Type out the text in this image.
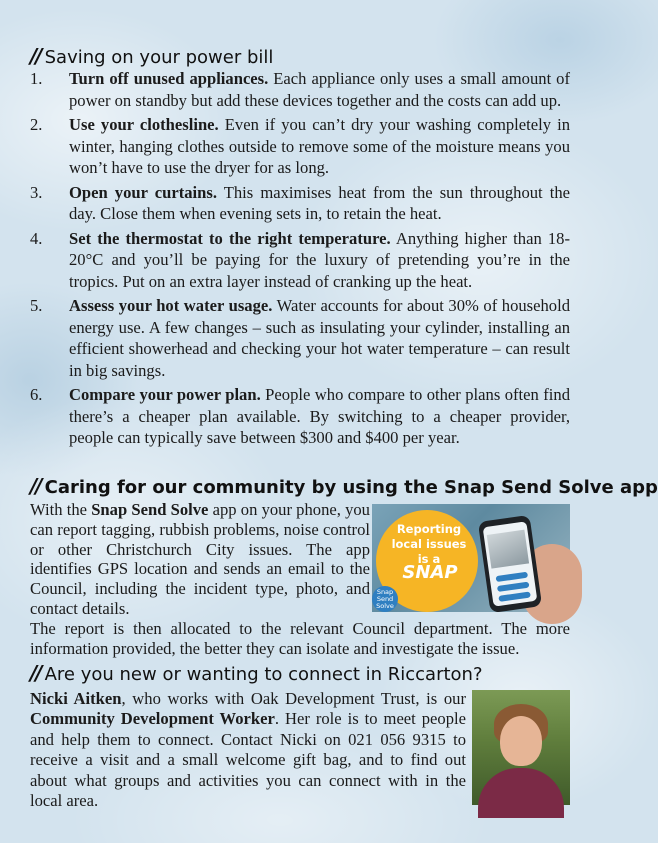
// Saving on your power bill
1. Turn off unused appliances. Each appliance only uses a small amount of power on standby but add these devices together and the costs can add up.
2. Use your clothesline. Even if you can’t dry your washing completely in winter, hanging clothes outside to remove some of the moisture means you won’t have to use the dryer for as long.
3. Open your curtains. This maximises heat from the sun throughout the day. Close them when evening sets in, to retain the heat.
4. Set the thermostat to the right temperature. Anything higher than 18-20°C and you’ll be paying for the luxury of pretending you’re in the tropics. Put on an extra layer instead of cranking up the heat.
5. Assess your hot water usage. Water accounts for about 30% of household energy use. A few changes – such as insulating your cylinder, installing an efficient showerhead and checking your hot water temperature – can result in big savings.
6. Compare your power plan. People who compare to other plans often find there’s a cheaper plan available. By switching to a cheaper provider, people can typically save between $300 and $400 per year.
// Caring for our community by using the Snap Send Solve app
Reporting local issues is a
SNAP
Snap Send Solve
With the Snap Send Solve app on your phone, you can report tagging, rubbish problems, noise control or other Christchurch City issues. The app identifies GPS location and sends an email to the Council, including the incident type, photo, and contact details.
The report is then allocated to the relevant Council department. The more information provided, the better they can isolate and investigate the issue.
// Are you new or wanting to connect in Riccarton?
Nicki Aitken, who works with Oak Development Trust, is our Community Development Worker. Her role is to meet people and help them to connect. Contact Nicki on 021 056 9315 to receive a visit and a small welcome gift bag, and to find out about what groups and activities you can connect with in the local area.
